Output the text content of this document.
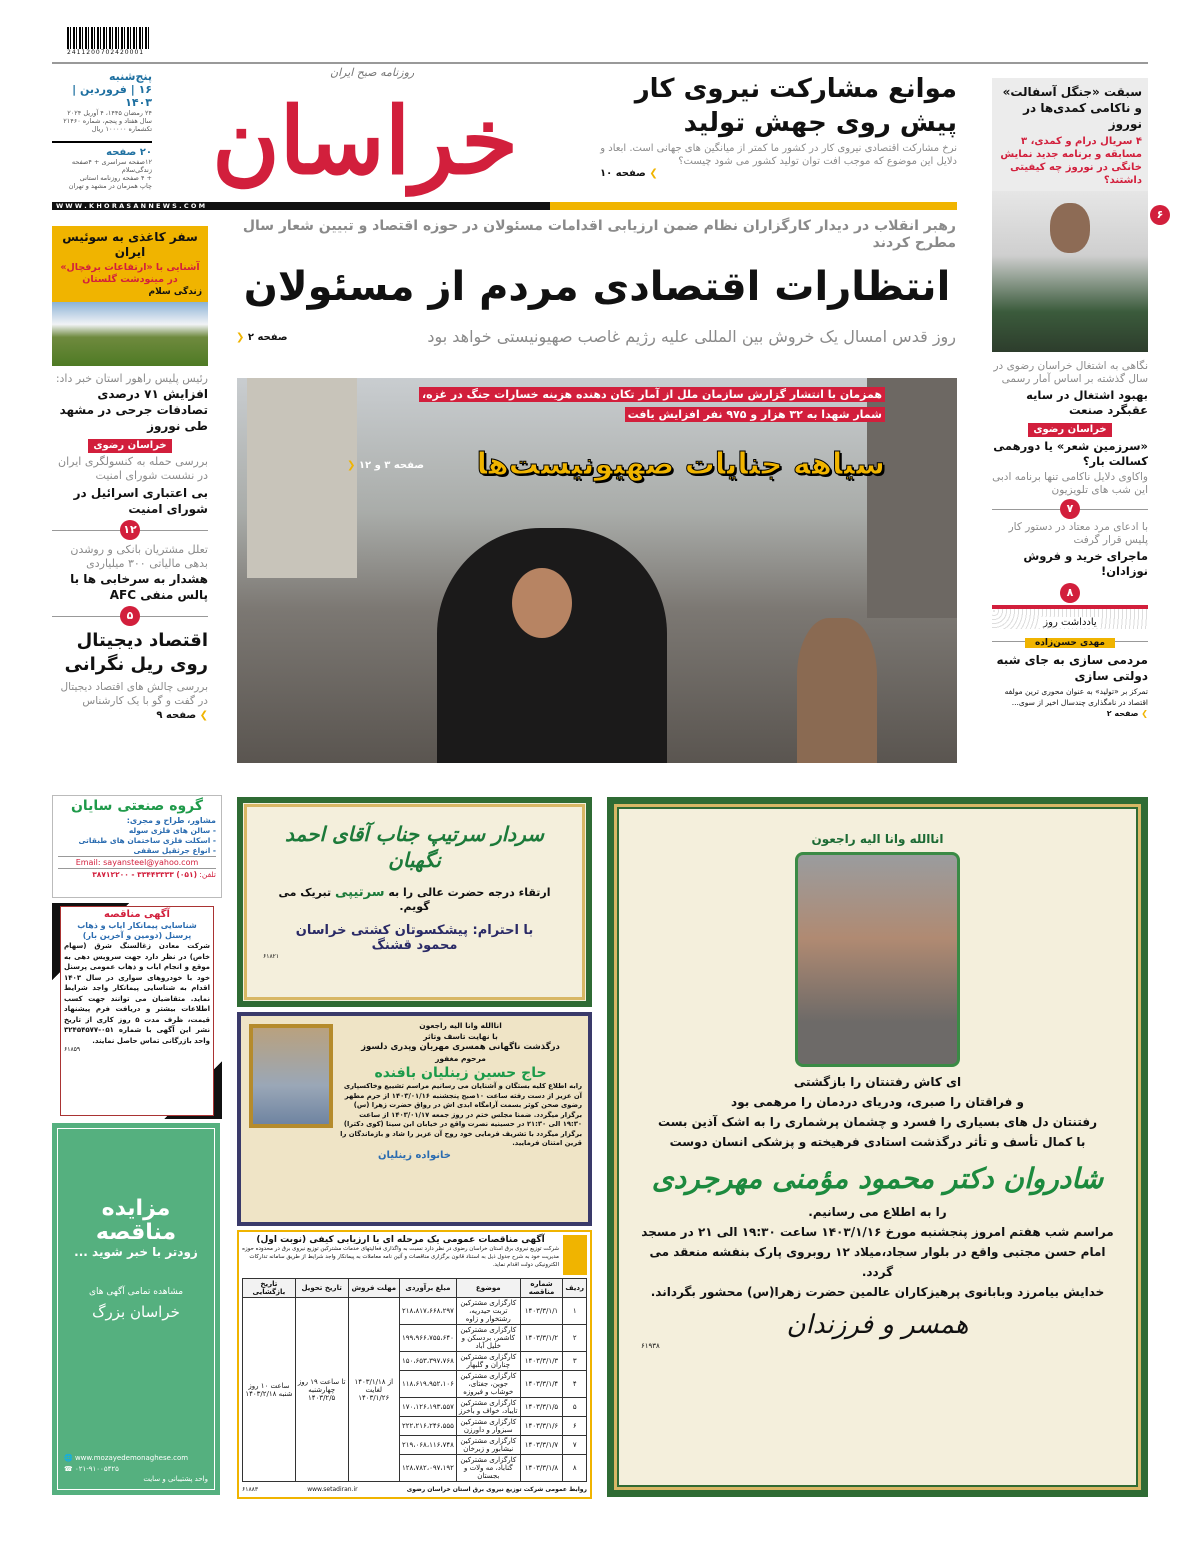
2411200702420001
پنج‌شنبه
۱۶ | فروردین |۱۴۰۳
۲۴ رمضان ۱۴۴۵، ۴ آوریل ۲۰۲۴
سال هفتاد و پنجم، شماره ۲۱۴۶۰
تکشماره ۱۰۰۰۰۰ ریال
۲۰ صفحه
۱۲صفحه سراسری + ۴صفحه زندگی‌سلام
+ ۴ صفحه روزنامه استانی
چاپ همزمان در مشهد و تهران خراسان
روزنامه صبح ایران
W W W . K H O R A S A N N E W S . C O M
موانع مشارکت نیروی کار پیش روی جهش تولید
نرخ مشارکت اقتصادی نیروی کار در کشور ما کمتر از میانگین های جهانی است. ابعاد و دلایل این موضوع که موجب افت توان تولید کشور می شود چیست؟
❯ صفحه ۱۰
سبقت «جنگل آسفالت» و ناکامی کمدی‌ها در نوروز
۴ سریال درام و کمدی، ۳ مسابقه و برنامه جدید نمایش خانگی در نوروز چه کیفیتی داشتند؟
۶
رهبر انقلاب در دیدار کارگزاران نظام ضمن ارزیابی اقدامات مسئولان در حوزه اقتصاد و تبیین شعار سال مطرح کردند
انتظارات اقتصادی مردم از مسئولان
روز قدس امسال یک خروش بین المللی علیه رژیم غاصب صهیونیستی خواهد بود
❯ صفحه ۲
همزمان با انتشار گزارش سازمان ملل از آمار تکان دهنده هزینه خسارات جنگ در غزه، شمار شهدا به ۳۲ هزار و ۹۷۵ نفر افزایش یافت
سیاهه جنایات صهیونیست‌ها
❯ صفحه ۳ و ۱۲
سفر کاغذی به سوئیس ایران
آشنایی با «ارتفاعات برفچال» در مینودشت گلستان
زندگی سلام
رئیس پلیس راهور استان خبر داد:
افزایش ۷۱ درصدی تصادفات جرحی در مشهد طی نوروز
خراسان رضوی
بررسی حمله به کنسولگری ایران در نشست شورای امنیت
بی اعتباری اسرائیل در شورای امنیت
۱۲
تعلل مشتریان بانکی و روشدن بدهی مالیاتی ۳۰۰ میلیاردی
هشدار به سرخابی ها با پالس منفی AFC
۵
اقتصاد دیجیتال روی ریل نگرانی
بررسی چالش های اقتصاد دیجیتال در گفت و گو با یک کارشناس ❯ صفحه ۹
نگاهی به اشتغال خراسان رضوی در سال گذشته بر اساس آمار رسمی
بهبود اشتغال در سایه عقبگرد صنعت
خراسان رضوی
«سرزمین شعر» یا دورهمی کسالت بار؟
واکاوی دلایل ناکامی تنها برنامه ادبی این شب های تلویزیون
۷
با ادعای مرد معتاد در دستور کار پلیس قرار گرفت
ماجرای خرید و فروش نوزادان!
۸
یادداشت روز
مهدی حسن‌زاده
مردمی سازی به جای شبه دولتی سازی
تمرکز بر «تولید» به عنوان محوری ترین مولفه اقتصاد در نامگذاری چندسال اخیر از سوی... ❯ صفحه ۲
گروه صنعتی سایان
مشاور، طراح و مجری:
- سالن های فلزی سوله
- اسکلت فلزی ساختمان های طبقاتی
- انواع جرثقیل سقفی
Email: sayansteel@yahoo.com
تلفن: (۰۵۱) ۳۳۴۴۳۳۳۳ - ۳۸۷۱۲۲۰۰
آگهی مناقصه
شناسایی پیمانکار ایاب و ذهاب پرسنل (دومین و آخرین بار)
شرکت معادن زغالسنگ شرق (سهام خاص) در نظر دارد جهت سرویس دهی به موقع و انجام ایاب و ذهاب عمومی پرسنل خود با خودروهای سواری در سال ۱۴۰۳ اقدام به شناسایی پیمانکار واجد شرایط نماید. متقاضیان می توانند جهت کسب اطلاعات بیشتر و دریافت فرم پیشنهاد قیمت، ظرف مدت ۵ روز کاری از تاریخ نشر این آگهی با شماره ۰۵۱-۳۲۴۵۴۵۷۷ واحد بازرگانی تماس حاصل نمایند.
۶۱۸۵۹
مزایده مناقصه
زودتر با خبر شوید ...
مشاهده تمامی آگهی های
خراسان بزرگ
🌐 www.mozayedemonaghese.com
☎ ۰۲۱-۹۱۰۰۵۴۲۵
واحد پشتیبانی و سایت
سردار سرتیپ جناب آقای احمد نگهبان
ارتقاء درجه حضرت عالی را به سرتیپی تبریک می گویم.
با احترام: پیشکسوتان کشتی خراسان
محمود قشنگ
۶۱۸۲۱
اناالله وانا الیه راجعون
با نهایت تاسف وتاثر
درگذشت ناگهانی همسری مهربان وپدری دلسوز
مرحوم مغفور
حاج حسین زینلیان بافنده
رابه اطلاع کلیه بستگان و آشنایان می رسانیم مراسم تشییع وخاکسپاری آن عزیز از دست رفته ساعت ۱۰صبح پنجشنبه ۱۴۰۳/۰۱/۱۶ از حرم مطهر رضوی صحن کوثر بسمت آرامگاه ابدی اش در رواق حضرت زهرا (س) برگزار میگردد. ضمنا مجلس ختم در روز جمعه ۱۴۰۳/۰۱/۱۷ از ساعت ۱۹:۳۰ الی ۲۱:۳۰ در حسینیه نصرت واقع در خیابان ابن سینا (کوی دکترا) برگزار میگردد با تشریف فرمایی خود روح آن عزیز را شاد و بازماندگان را قرین امتنان فرمایید.
خانواده زینلیان
آگهی مناقصات عمومی یک مرحله ای با ارزیابی کیفی (نوبت اول)
شرکت توزیع نیروی برق استان خراسان رضوی در نظر دارد نسبت به واگذاری فعالیتهای خدمات مشترکین توزیع نیروی برق در محدوده حوزه مدیریت خود به شرح جدول ذیل به استناد قانون برگزاری مناقصات و آئین نامه معاملات به پیمانکار واجد شرایط از طریق سامانه تدارکات الکترونیکی دولت اقدام نماید.
ردیف	شماره مناقصه	موضوع	مبلغ برآوردی	مهلت فروش	تاریخ تحویل	تاریخ بازگشایی
۱	۱۴۰۳/۳/۱/۱	کارگزاری مشترکین تربت حیدریه، رشتخوار و زاوه	۲۱۸،۸۱۷،۶۶۸،۲۹۷	از ۱۴۰۳/۱/۱۸ لغایت ۱۴۰۳/۱/۲۶	تا ساعت ۱۹ روز چهارشنبه ۱۴۰۳/۲/۵	ساعت ۱۰ روز شنبه ۱۴۰۳/۲/۱۸
۲	۱۴۰۳/۳/۱/۲	کارگزاری مشترکین کاشمر، بردسکن و خلیل آباد	۱۹۹،۹۶۶،۷۵۵،۶۴۰			
۳	۱۴۰۳/۳/۱/۳	کارگزاری مشترکین چناران و گلبهار	۱۵۰،۶۵۳،۳۹۷،۷۶۸			
۴	۱۴۰۳/۳/۱/۴	کارگزاری مشترکین جوین، جغتای، خوشاب و فیروزه	۱۱۸،۶۱۹،۹۵۲،۱۰۶			
۵	۱۴۰۳/۳/۱/۵	کارگزاری مشترکین تایباد، خواف و باخرز	۱۷۰،۱۲۶،۱۹۳،۵۵۷			
۶	۱۴۰۳/۳/۱/۶	کارگزاری مشترکین سبزوار و داورزن	۲۲۲،۲۱۶،۲۴۶،۵۵۵			
۷	۱۴۰۳/۳/۱/۷	کارگزاری مشترکین نیشابور و زبرخان	۲۱۹،۰۶۸،۱۱۶،۷۴۸			
۸	۱۴۰۳/۳/۱/۸	کارگزاری مشترکین گناباد، مه ولات و بجستان	۱۲۸،۷۸۲،۰۹۷،۱۹۲			
روابط عمومی شرکت توزیع نیروی برق استان خراسان رضوی
www.setadiran.ir
۶۱۸۸۳
اناالله وانا الیه راجعون
ای کاش رفتنتان را بازگشتی
و فراقتان را صبری، ودریای دردمان را مرهمی بود
رفتنتان دل های بسیاری را فسرد و چشمان پرشماری را به اشک آذین بست
با کمال تأسف و تأثر درگذشت استادی فرهیخته و پزشکی انسان دوست
شادروان دکتر محمود مؤمنی مهرجردی
را به اطلاع می رسانیم.
مراسم شب هفتم امروز پنجشنبه مورخ ۱۴۰۳/۱/۱۶ ساعت ۱۹:۳۰ الی ۲۱ در مسجد
امام حسن مجتبی واقع در بلوار سجاد،میلاد ۱۲ روبروی پارک بنفشه منعقد می گردد.
خدایش بیامرزد وبابانوی پرهیزکاران عالمین حضرت زهرا(س) محشور بگرداند.
همسر و فرزندان
۶۱۹۳۸
